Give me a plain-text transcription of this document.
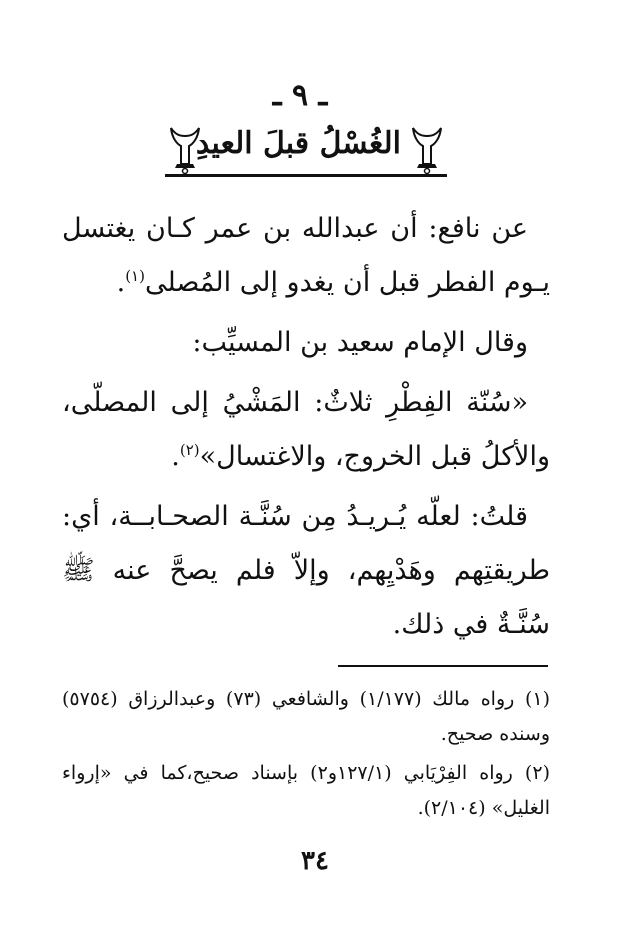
ـ ٩ ـ
الغُسْلُ قبلَ العيدِ

عن نافع: أن عبدالله بن عمر كـان يغتسل يـوم الفطر قبل أن يغدو إلى المُصلى$^{(١)}$.

وقال الإمام سعيد بن المسيِّب:

«سُنّة الفِطْرِ ثلاثٌ: المَشْيُ إلى المصلّى، والأكلُ قبل الخروج، والاغتسال»$^{(٢)}$.

قلتُ: لعلّه يُـريـدُ مِن سُنَّـة الصحـابــة، أي: طريقتِهم وهَدْيِهم، وإلاّ فلم يصحَّ عنه ﷺ سُنَّـةٌ في ذلك.

(١) رواه مالك (١/١٧٧) والشافعي (٧٣) وعبدالرزاق (٥٧٥٤) وسنده صحيح.

(٢) رواه الفِرْيَابي (١٢٧/١و٢) بإسناد صحيح،كما في «إرواء الغليل» (٢/١٠٤).

٣٤
